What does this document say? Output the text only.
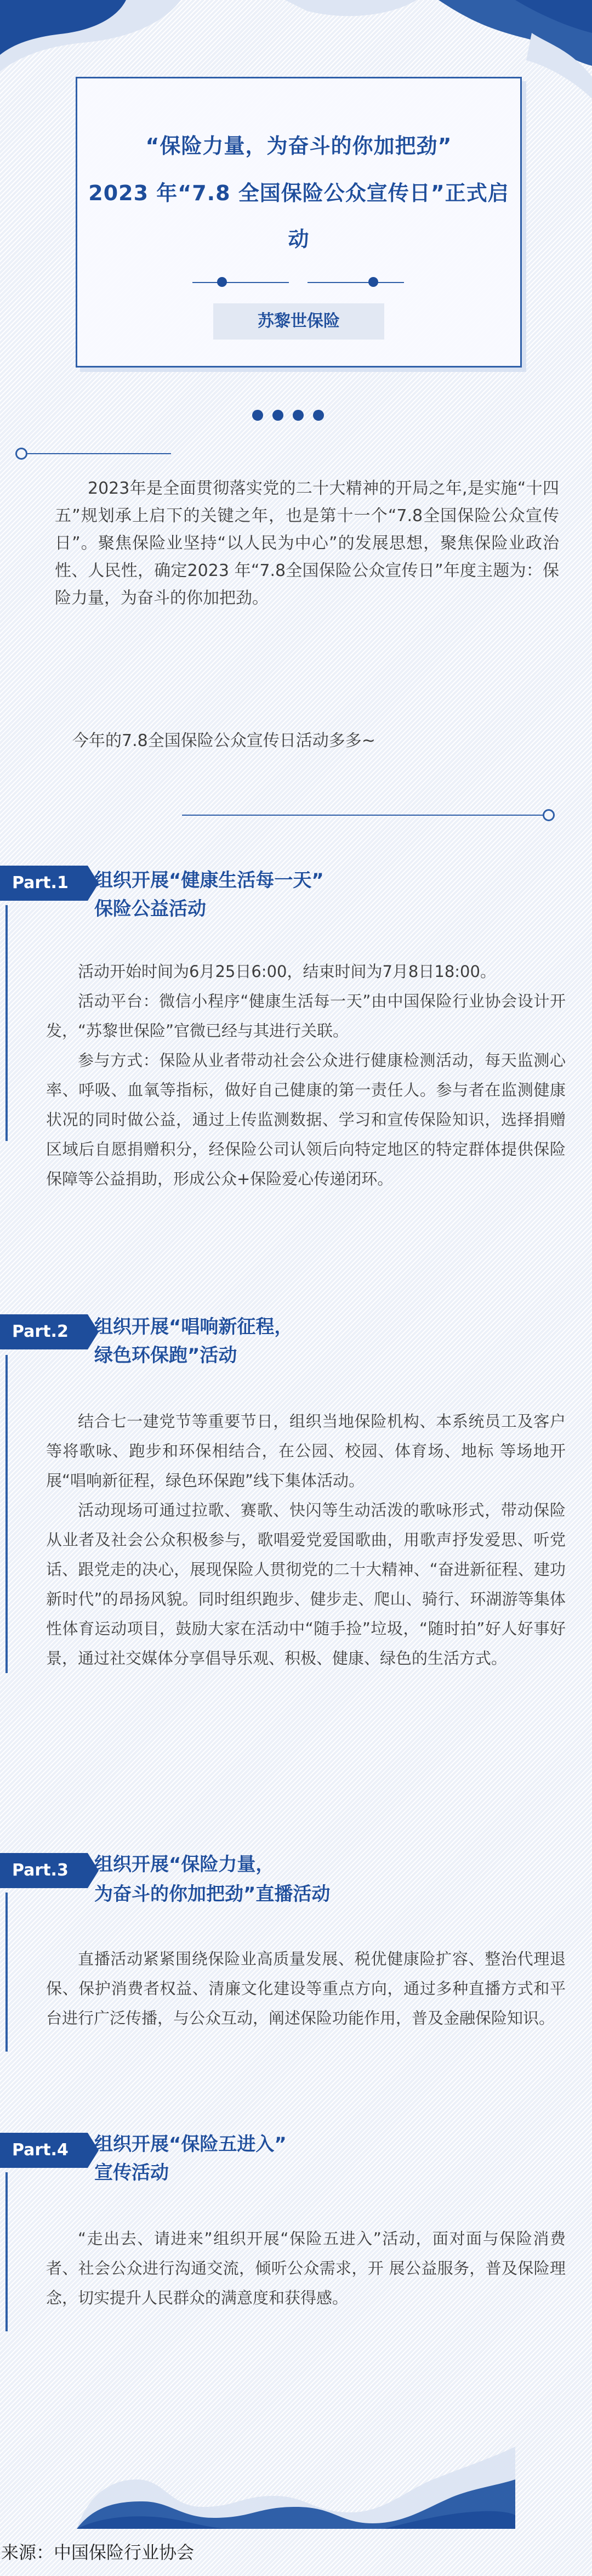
“保险力量，为奋斗的你加把劲”
2023 年“7.8 全国保险公众宣传日”正式启
动
苏黎世保险
2023年是全面贯彻落实党的二十大精神的开局之年,是实施“十四五”规划承上启下的关键之年，也是第十一个“7.8全国保险公众宣传日”。聚焦保险业坚持“以人民为中心”的发展思想，聚焦保险业政治性、人民性，确定2023 年“7.8全国保险公众宣传日”年度主题为：保险力量，为奋斗的你加把劲。
今年的7.8全国保险公众宣传日活动多多~
Part.1	组织开展“健康生活每一天”
保险公益活动

活动开始时间为6月25日6:00，结束时间为7月8日18:00。

活动平台：微信小程序“健康生活每一天”由中国保险行业协会设计开发，“苏黎世保险”官微已经与其进行关联。

参与方式：保险从业者带动社会公众进行健康检测活动，每天监测心率、呼吸、血氧等指标，做好自己健康的第一责任人。参与者在监测健康状况的同时做公益，通过上传监测数据、学习和宣传保险知识，选择捐赠区域后自愿捐赠积分，经保险公司认领后向特定地区的特定群体提供保险保障等公益捐助，形成公众+保险爱心传递闭环。

Part.2	组织开展“唱响新征程，
绿色环保跑”活动

结合七一建党节等重要节日，组织当地保险机构、本系统员工及客户等将歌咏、跑步和环保相结合，在公园、校园、体育场、地标 等场地开展“唱响新征程，绿色环保跑”线下集体活动。

活动现场可通过拉歌、赛歌、快闪等生动活泼的歌咏形式，带动保险从业者及社会公众积极参与，歌唱爱党爱国歌曲，用歌声抒发爱思、听党话、跟党走的决心，展现保险人贯彻党的二十大精神、“奋进新征程、建功新时代”的昂扬风貌。同时组织跑步、健步走、爬山、骑行、环湖游等集体性体育运动项目，鼓励大家在活动中“随手捡”垃圾，“随时拍”好人好事好景，通过社交媒体分享倡导乐观、积极、健康、绿色的生活方式。

Part.3	组织开展“保险力量，
为奋斗的你加把劲”直播活动

直播活动紧紧围绕保险业高质量发展、税优健康险扩容、整治代理退保、保护消费者权益、清廉文化建设等重点方向，通过多种直播方式和平台进行广泛传播，与公众互动，阐述保险功能作用，普及金融保险知识。

Part.4	组织开展“保险五进入”
宣传活动

“走出去、请进来”组织开展“保险五进入”活动，面对面与保险消费者、社会公众进行沟通交流，倾听公众需求，开 展公益服务，普及保险理念，切实提升人民群众的满意度和获得感。

来源：中国保险行业协会
